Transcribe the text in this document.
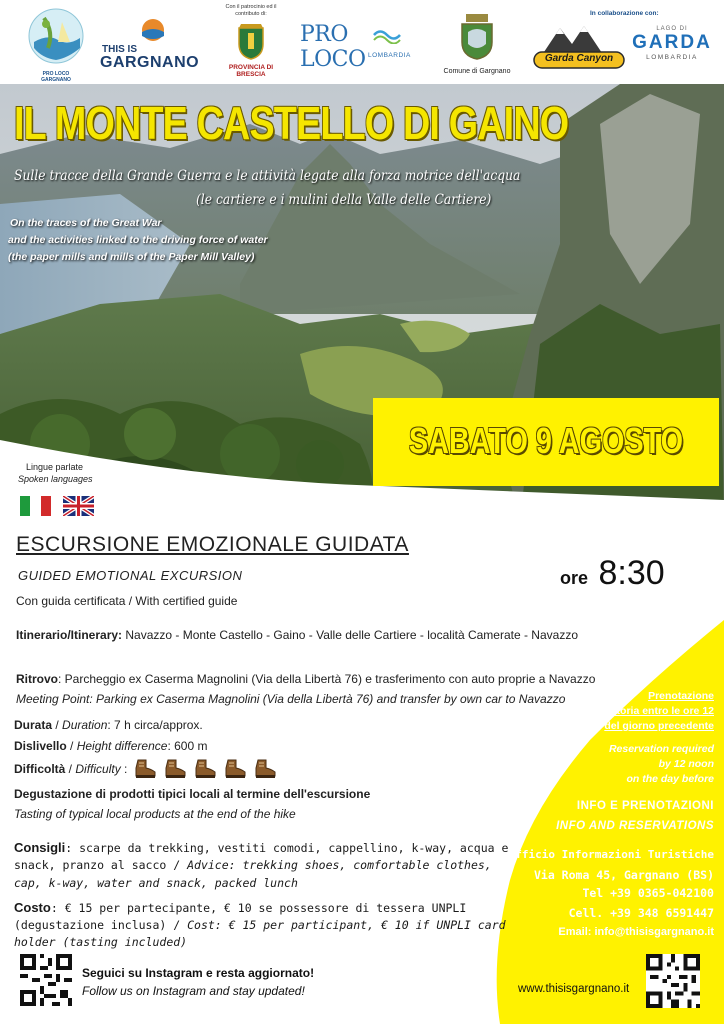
PRO LOCO GARGNANO
THIS IS
GARGNANO
Con il patrocinio ed il contributo di:
PROVINCIA DI BRESCIA
PRO LOCO LOMBARDIA
Comune di Gargnano
In collaborazione con:
Garda Canyon
LAGO DI
GARDA
LOMBARDIA
IL MONTE CASTELLO DI GAINO
Sulle tracce della Grande Guerra e le attività legate alla forza motrice dell'acqua
(le cartiere e i mulini della Valle delle Cartiere)
On the traces of the Great War
and the activities linked to the driving force of water
(the paper mills and mills of the Paper Mill Valley)
SABATO 9 AGOSTO
Lingue parlate
Spoken languages
ESCURSIONE EMOZIONALE GUIDATA
GUIDED EMOTIONAL EXCURSION
Con guida certificata / With certified guide
ore 8:30
Itinerario/Itinerary: Navazzo - Monte Castello - Gaino - Valle delle Cartiere - località Camerate - Navazzo
Ritrovo: Parcheggio ex Caserma Magnolini (Via della Libertà 76) e trasferimento con auto proprie a Navazzo
Meeting Point: Parking ex Caserma Magnolini (Via della Libertà 76) and transfer by own car to Navazzo
Durata / Duration: 7 h circa/approx.
Dislivello / Height difference: 600 m
Difficoltà / Difficulty :
Degustazione di prodotti tipici locali al termine dell'escursione
Tasting of typical local products at the end of the hike
Consigli: scarpe da trekking, vestiti comodi, cappellino, k-way, acqua e
snack, pranzo al sacco / Advice: trekking shoes, comfortable clothes,
cap, k-way, water and snack, packed lunch
Costo: € 15 per partecipante, € 10 se possessore di tessera UNPLI
(degustazione inclusa) / Cost: € 15 per participant, € 10 if UNPLI card
holder (tasting included)
Seguici su Instagram e resta aggiornato!
Follow us on Instagram and stay updated!
Prenotazione
obbligatoria entro le ore 12
del giorno precedente
Reservation required
by 12 noon
on the day before
INFO E PRENOTAZIONI
INFO AND RESERVATIONS
Ufficio Informazioni Turistiche
Via Roma 45, Gargnano (BS)
Tel +39 0365-042100
Cell. +39 348 6591447
Email: info@thisisgargnano.it
www.thisisgargnano.it
